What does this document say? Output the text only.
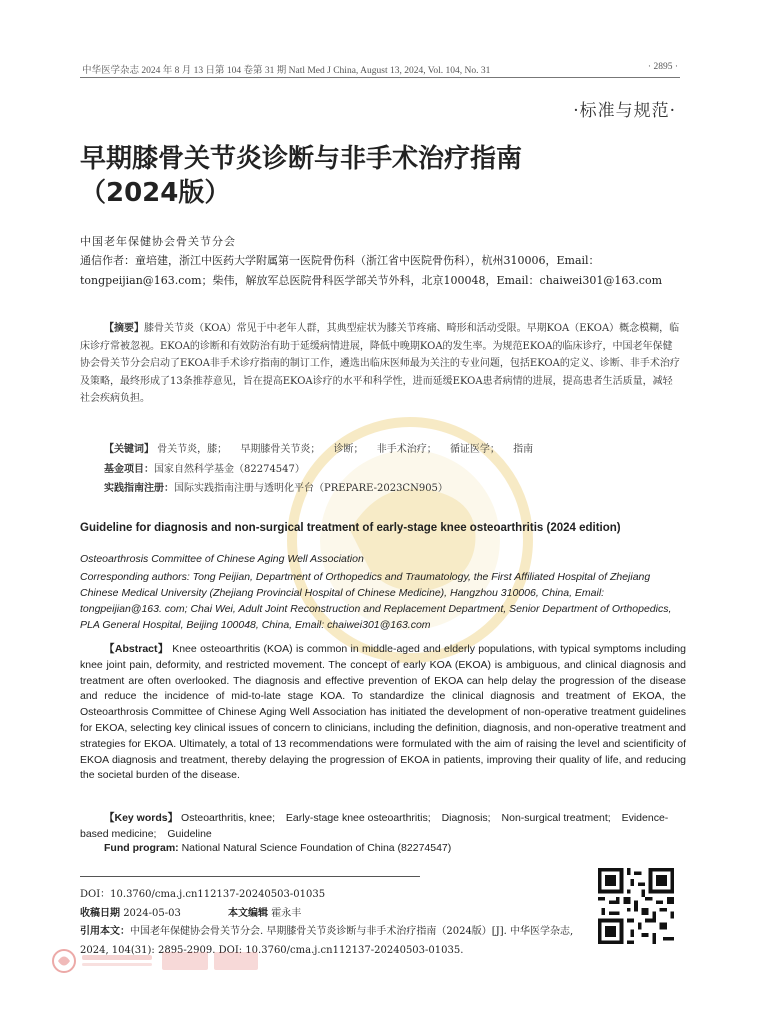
中华医学杂志 2024 年 8 月 13 日第 104 卷第 31 期 Natl Med J China, August 13, 2024, Vol. 104, No. 31	· 2895 ·
·标准与规范·
早期膝骨关节炎诊断与非手术治疗指南
（2024版）
中国老年保健协会骨关节分会
通信作者：童培建，浙江中医药大学附属第一医院骨伤科（浙江省中医院骨伤科），杭州310006，Email：tongpeijian@163.com；柴伟，解放军总医院骨科医学部关节外科，北京100048，Email：chaiwei301@163.com
【摘要】膝骨关节炎（KOA）常见于中老年人群，其典型症状为膝关节疼痛、畸形和活动受限。早期KOA（EKOA）概念模糊，临床诊疗常被忽视。EKOA的诊断和有效防治有助于延缓病情进展，降低中晚期KOA的发生率。为规范EKOA的临床诊疗，中国老年保健协会骨关节分会启动了EKOA非手术诊疗指南的制订工作，遴选出临床医师最为关注的专业问题，包括EKOA的定义、诊断、非手术治疗及策略，最终形成了13条推荐意见，旨在提高EKOA诊疗的水平和科学性，进而延缓EKOA患者病情的进展，提高患者生活质量，减轻社会疾病负担。
【关键词】 骨关节炎，膝； 早期膝骨关节炎； 诊断； 非手术治疗； 循证医学； 指南
基金项目：国家自然科学基金（82274547）
实践指南注册：国际实践指南注册与透明化平台（PREPARE-2023CN905）
Guideline for diagnosis and non-surgical treatment of early-stage knee osteoarthritis (2024 edition)
Osteoarthrosis Committee of Chinese Aging Well Association
Corresponding authors: Tong Peijian, Department of Orthopedics and Traumatology, the First Affiliated Hospital of Zhejiang Chinese Medical University (Zhejiang Provincial Hospital of Chinese Medicine), Hangzhou 310006, China, Email: tongpeijian@163. com; Chai Wei, Adult Joint Reconstruction and Replacement Department, Senior Department of Orthopedics, PLA General Hospital, Beijing 100048, China, Email: chaiwei301@163.com
【Abstract】 Knee osteoarthritis (KOA) is common in middle-aged and elderly populations, with typical symptoms including knee joint pain, deformity, and restricted movement. The concept of early KOA (EKOA) is ambiguous, and clinical diagnosis and treatment are often overlooked. The diagnosis and effective prevention of EKOA can help delay the progression of the disease and reduce the incidence of mid-to-late stage KOA. To standardize the clinical diagnosis and treatment of EKOA, the Osteoarthrosis Committee of Chinese Aging Well Association has initiated the development of non-operative treatment guidelines for EKOA, selecting key clinical issues of concern to clinicians, including the definition, diagnosis, and non-operative treatment and strategies for EKOA. Ultimately, a total of 13 recommendations were formulated with the aim of raising the level and scientificity of EKOA diagnosis and treatment, thereby delaying the progression of EKOA in patients, improving their quality of life, and reducing the societal burden of the disease.
【Key words】 Osteoarthritis, knee; Early-stage knee osteoarthritis; Diagnosis; Non-surgical treatment; Evidence-based medicine; Guideline
Fund program: National Natural Science Foundation of China (82274547)
DOI：10.3760/cma.j.cn112137-20240503-01035
收稿日期 2024-05-03	本文编辑 霍永丰
引用本文：中国老年保健协会骨关节分会. 早期膝骨关节炎诊断与非手术治疗指南（2024版）[J]. 中华医学杂志, 2024, 104(31): 2895-2909. DOI: 10.3760/cma.j.cn112137-20240503-01035.
